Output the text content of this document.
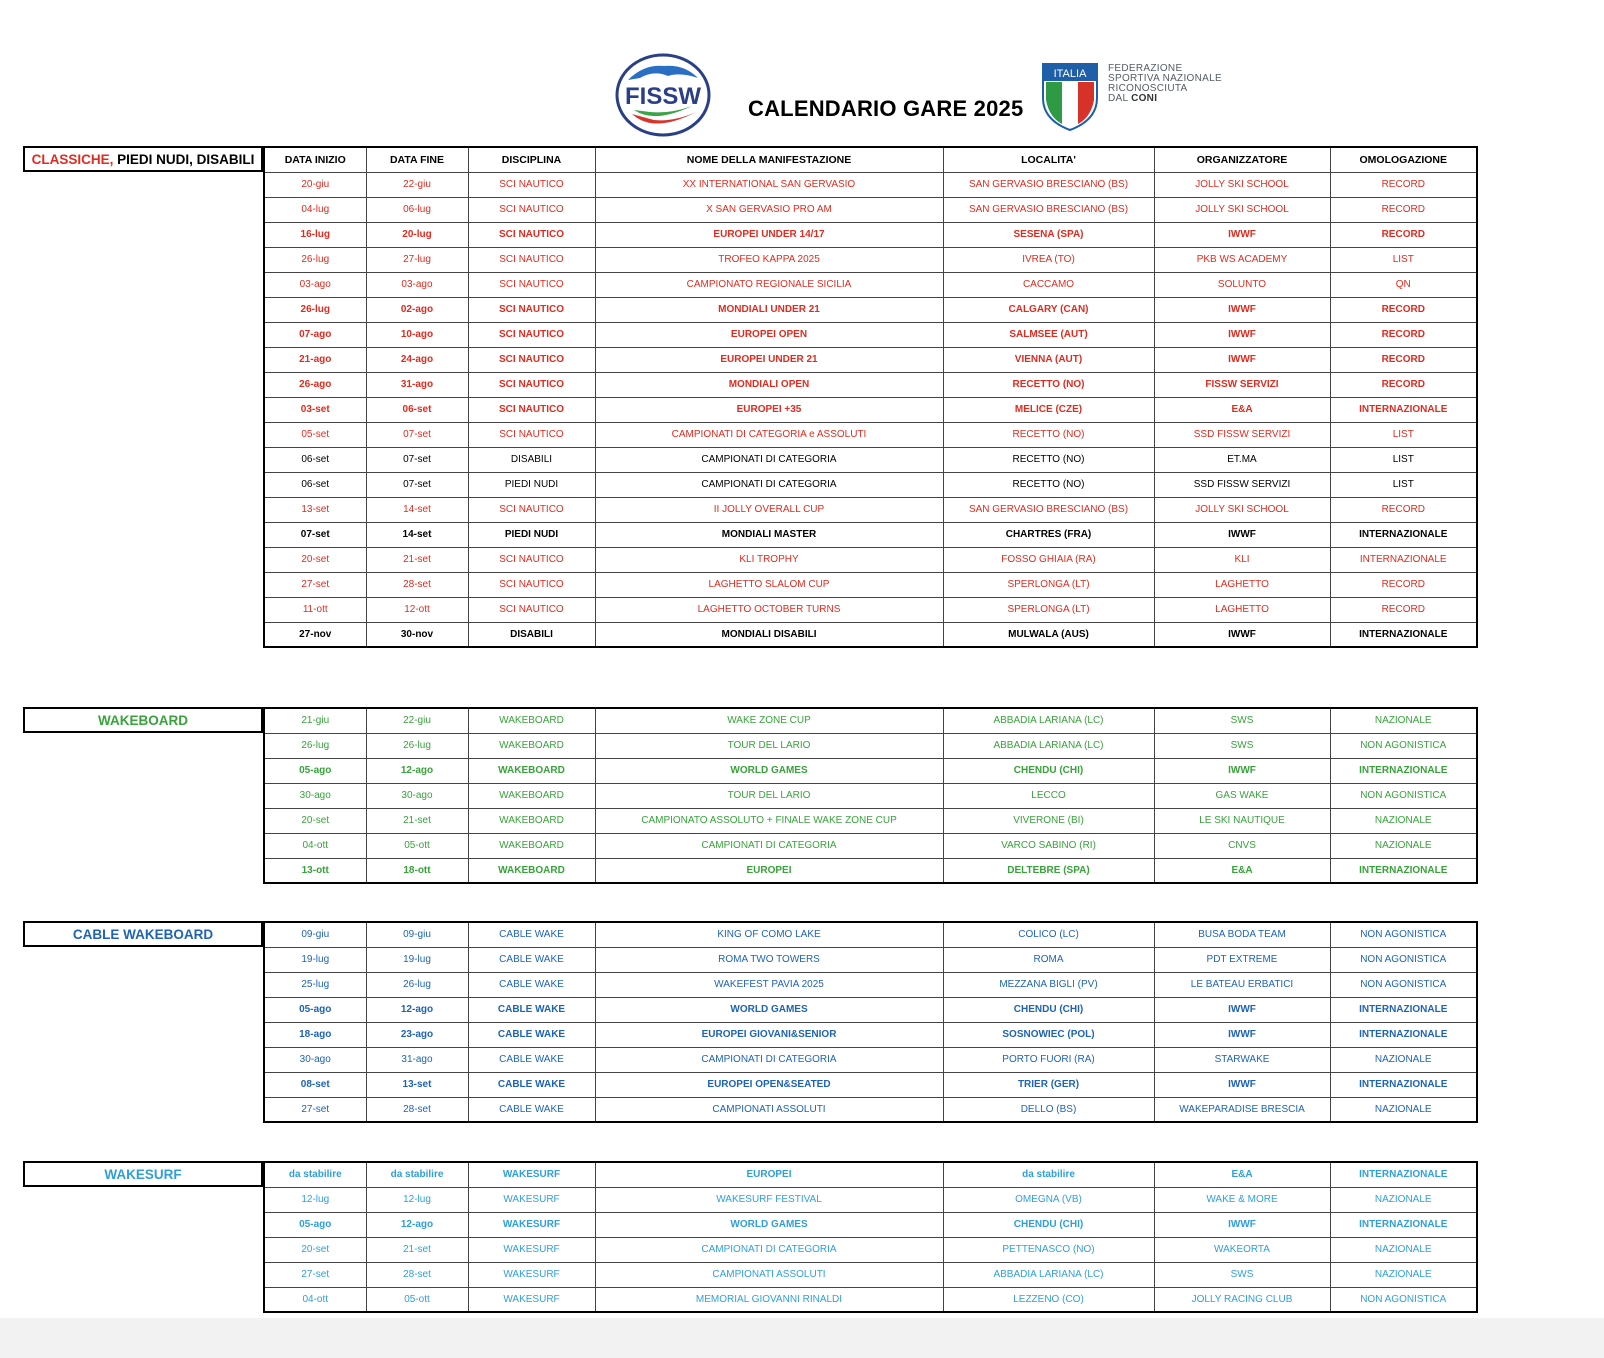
FISSW CALENDARIO GARE 2025
ITALIA FEDERAZIONE
SPORTIVA NAZIONALE
RICONOSCIUTA
DAL CONI
CLASSICHE, PIEDI NUDI, DISABILI	DATA INIZIO	DATA FINE	DISCIPLINA	NOME DELLA MANIFESTAZIONE	LOCALITA'	ORGANIZZATORE	OMOLOGAZIONE
20-giu	22-giu	SCI NAUTICO	XX INTERNATIONAL SAN GERVASIO	SAN GERVASIO BRESCIANO (BS)	JOLLY SKI SCHOOL	RECORD
04-lug	06-lug	SCI NAUTICO	X SAN GERVASIO PRO AM	SAN GERVASIO BRESCIANO (BS)	JOLLY SKI SCHOOL	RECORD
16-lug	20-lug	SCI NAUTICO	EUROPEI UNDER 14/17	SESENA (SPA)	IWWF	RECORD
26-lug	27-lug	SCI NAUTICO	TROFEO KAPPA 2025	IVREA (TO)	PKB WS ACADEMY	LIST
03-ago	03-ago	SCI NAUTICO	CAMPIONATO REGIONALE SICILIA	CACCAMO	SOLUNTO	QN
26-lug	02-ago	SCI NAUTICO	MONDIALI UNDER 21	CALGARY (CAN)	IWWF	RECORD
07-ago	10-ago	SCI NAUTICO	EUROPEI OPEN	SALMSEE (AUT)	IWWF	RECORD
21-ago	24-ago	SCI NAUTICO	EUROPEI UNDER 21	VIENNA (AUT)	IWWF	RECORD
26-ago	31-ago	SCI NAUTICO	MONDIALI OPEN	RECETTO (NO)	FISSW SERVIZI	RECORD
03-set	06-set	SCI NAUTICO	EUROPEI +35	MELICE (CZE)	E&A	INTERNAZIONALE
05-set	07-set	SCI NAUTICO	CAMPIONATI DI CATEGORIA e ASSOLUTI	RECETTO (NO)	SSD FISSW SERVIZI	LIST
06-set	07-set	DISABILI	CAMPIONATI DI CATEGORIA	RECETTO (NO)	ET.MA	LIST
06-set	07-set	PIEDI NUDI	CAMPIONATI DI CATEGORIA	RECETTO (NO)	SSD FISSW SERVIZI	LIST
13-set	14-set	SCI NAUTICO	II JOLLY OVERALL CUP	SAN GERVASIO BRESCIANO (BS)	JOLLY SKI SCHOOL	RECORD
07-set	14-set	PIEDI NUDI	MONDIALI MASTER	CHARTRES (FRA)	IWWF	INTERNAZIONALE
20-set	21-set	SCI NAUTICO	KLI TROPHY	FOSSO GHIAIA (RA)	KLI	INTERNAZIONALE
27-set	28-set	SCI NAUTICO	LAGHETTO SLALOM CUP	SPERLONGA (LT)	LAGHETTO	RECORD
11-ott	12-ott	SCI NAUTICO	LAGHETTO OCTOBER TURNS	SPERLONGA (LT)	LAGHETTO	RECORD
27-nov	30-nov	DISABILI	MONDIALI DISABILI	MULWALA (AUS)	IWWF	INTERNAZIONALE
WAKEBOARD	21-giu	22-giu	WAKEBOARD	WAKE ZONE CUP	ABBADIA LARIANA (LC)	SWS	NAZIONALE
26-lug	26-lug	WAKEBOARD	TOUR DEL LARIO	ABBADIA LARIANA (LC)	SWS	NON AGONISTICA
05-ago	12-ago	WAKEBOARD	WORLD GAMES	CHENDU (CHI)	IWWF	INTERNAZIONALE
30-ago	30-ago	WAKEBOARD	TOUR DEL LARIO	LECCO	GAS WAKE	NON AGONISTICA
20-set	21-set	WAKEBOARD	CAMPIONATO ASSOLUTO + FINALE WAKE ZONE CUP	VIVERONE (BI)	LE SKI NAUTIQUE	NAZIONALE
04-ott	05-ott	WAKEBOARD	CAMPIONATI DI CATEGORIA	VARCO SABINO (RI)	CNVS	NAZIONALE
13-ott	18-ott	WAKEBOARD	EUROPEI	DELTEBRE (SPA)	E&A	INTERNAZIONALE
CABLE WAKEBOARD	09-giu	09-giu	CABLE WAKE	KING OF COMO LAKE	COLICO (LC)	BUSA BODA TEAM	NON AGONISTICA
19-lug	19-lug	CABLE WAKE	ROMA TWO TOWERS	ROMA	PDT EXTREME	NON AGONISTICA
25-lug	26-lug	CABLE WAKE	WAKEFEST PAVIA 2025	MEZZANA BIGLI (PV)	LE BATEAU ERBATICI	NON AGONISTICA
05-ago	12-ago	CABLE WAKE	WORLD GAMES	CHENDU (CHI)	IWWF	INTERNAZIONALE
18-ago	23-ago	CABLE WAKE	EUROPEI GIOVANI&SENIOR	SOSNOWIEC (POL)	IWWF	INTERNAZIONALE
30-ago	31-ago	CABLE WAKE	CAMPIONATI DI CATEGORIA	PORTO FUORI (RA)	STARWAKE	NAZIONALE
08-set	13-set	CABLE WAKE	EUROPEI OPEN&SEATED	TRIER (GER)	IWWF	INTERNAZIONALE
27-set	28-set	CABLE WAKE	CAMPIONATI ASSOLUTI	DELLO (BS)	WAKEPARADISE BRESCIA	NAZIONALE
WAKESURF	da stabilire	da stabilire	WAKESURF	EUROPEI	da stabilire	E&A	INTERNAZIONALE
12-lug	12-lug	WAKESURF	WAKESURF FESTIVAL	OMEGNA (VB)	WAKE & MORE	NAZIONALE
05-ago	12-ago	WAKESURF	WORLD GAMES	CHENDU (CHI)	IWWF	INTERNAZIONALE
20-set	21-set	WAKESURF	CAMPIONATI DI CATEGORIA	PETTENASCO (NO)	WAKEORTA	NAZIONALE
27-set	28-set	WAKESURF	CAMPIONATI ASSOLUTI	ABBADIA LARIANA (LC)	SWS	NAZIONALE
04-ott	05-ott	WAKESURF	MEMORIAL GIOVANNI RINALDI	LEZZENO (CO)	JOLLY RACING CLUB	NON AGONISTICA
